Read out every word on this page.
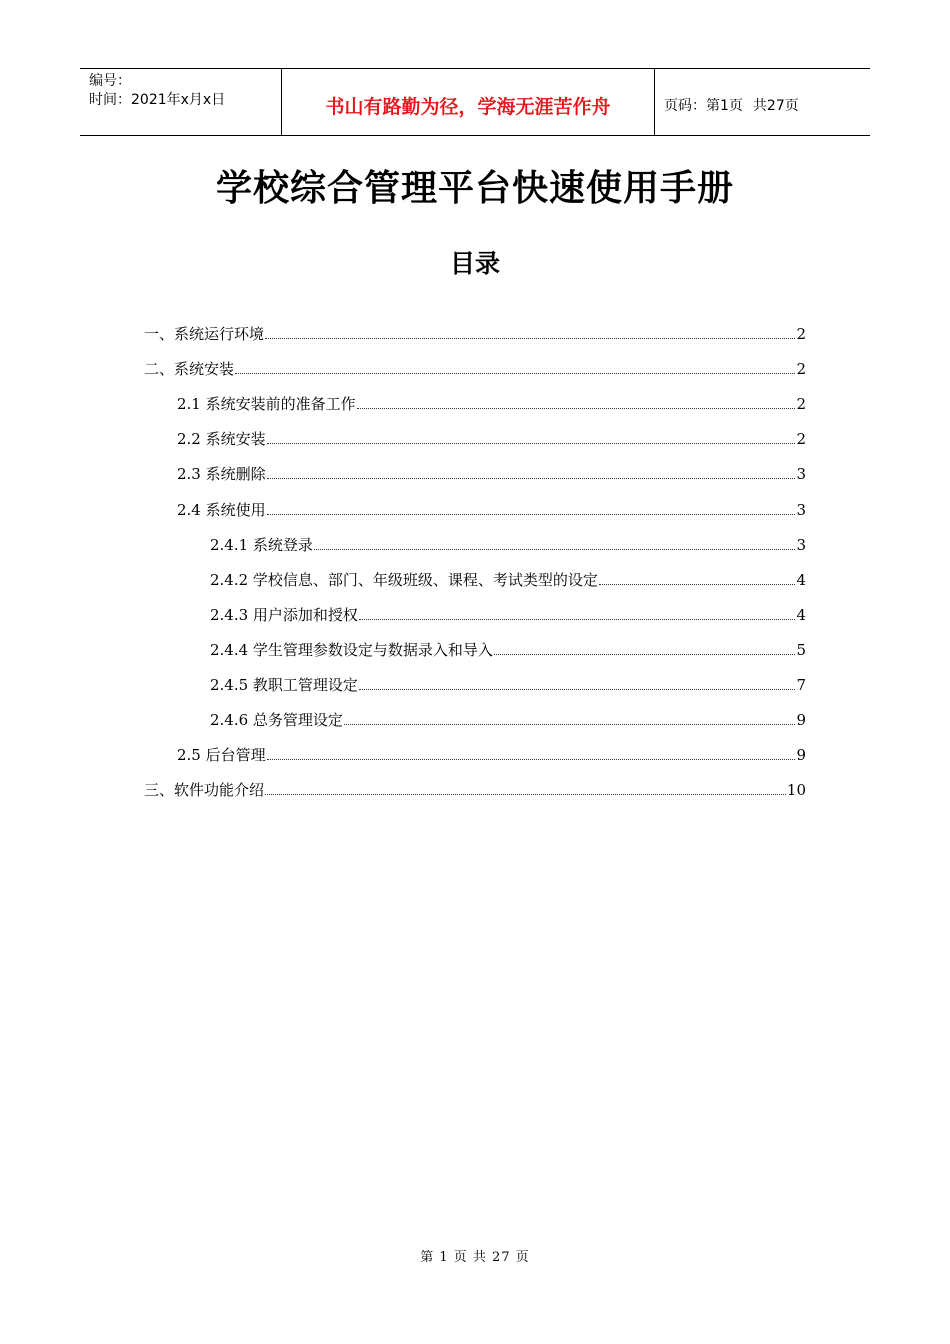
编号：
时间：2021年x月x日	书山有路勤为径，学海无涯苦作舟	页码：第1页 共27页
学校综合管理平台快速使用手册
目录
一、系统运行环境	2
二、系统安装	2
2.1 系统安装前的准备工作	2
2.2 系统安装	2
2.3 系统删除	3
2.4 系统使用	3
2.4.1 系统登录	3
2.4.2 学校信息、部门、年级班级、课程、考试类型的设定	4
2.4.3 用户添加和授权	4
2.4.4 学生管理参数设定与数据录入和导入	5
2.4.5 教职工管理设定	7
2.4.6 总务管理设定	9
2.5 后台管理	9
三、软件功能介绍	10
第 1 页 共 27 页
